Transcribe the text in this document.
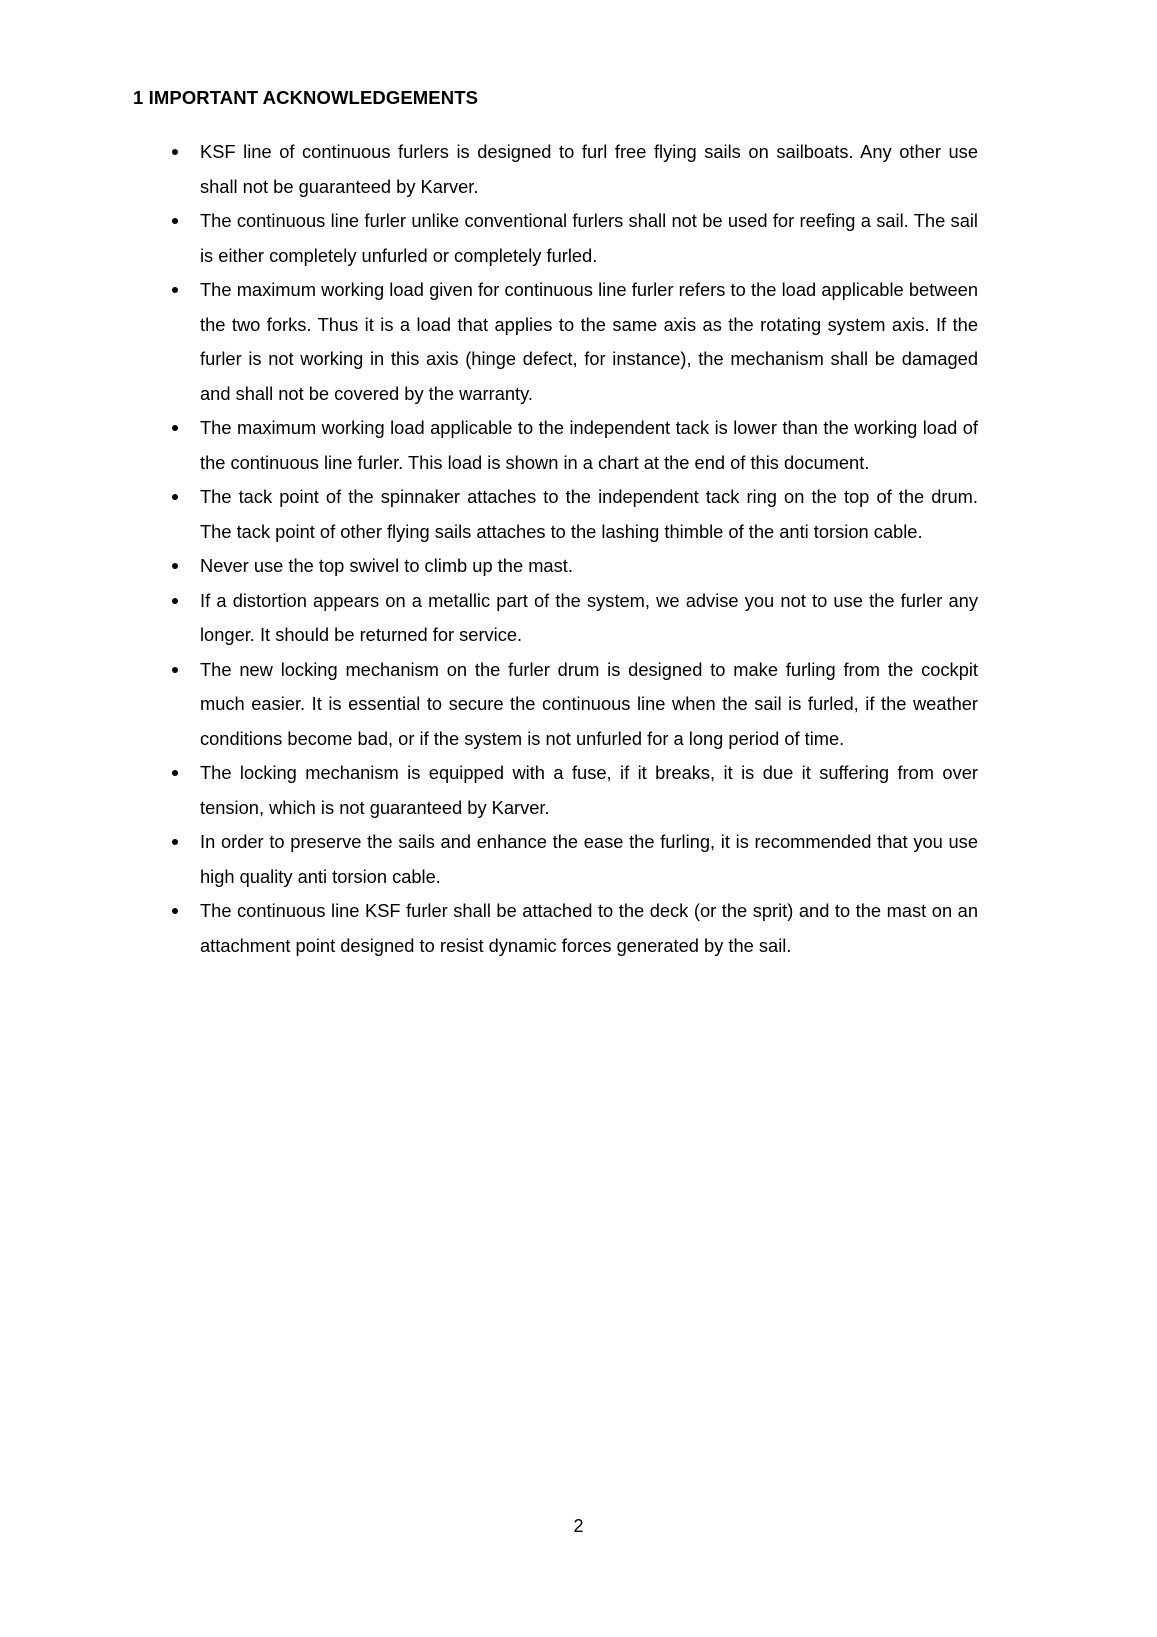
1 IMPORTANT ACKNOWLEDGEMENTS
KSF line of continuous furlers is designed to furl free flying sails on sailboats. Any other use shall not be guaranteed by Karver.
The continuous line furler unlike conventional furlers shall not be used for reefing a sail. The sail is either completely unfurled or completely furled.
The maximum working load given for continuous line furler refers to the load applicable between the two forks. Thus it is a load that applies to the same axis as the rotating system axis. If the furler is not working in this axis (hinge defect, for instance), the mechanism shall be damaged and shall not be covered by the warranty.
The maximum working load applicable to the independent tack is lower than the working load of the continuous line furler. This load is shown in a chart at the end of this document.
The tack point of the spinnaker attaches to the independent tack ring on the top of the drum. The tack point of other flying sails attaches to the lashing thimble of the anti torsion cable.
Never use the top swivel to climb up the mast.
If a distortion appears on a metallic part of the system, we advise you not to use the furler any longer. It should be returned for service.
The new locking mechanism on the furler drum is designed to make furling from the cockpit much easier. It is essential to secure the continuous line when the sail is furled, if the weather conditions become bad, or if the system is not unfurled for a long period of time.
The locking mechanism is equipped with a fuse, if it breaks, it is due it suffering from over tension, which is not guaranteed by Karver.
In order to preserve the sails and enhance the ease the furling, it is recommended that you use high quality anti torsion cable.
The continuous line KSF furler shall be attached to the deck (or the sprit) and to the mast on an attachment point designed to resist dynamic forces generated by the sail.
2
